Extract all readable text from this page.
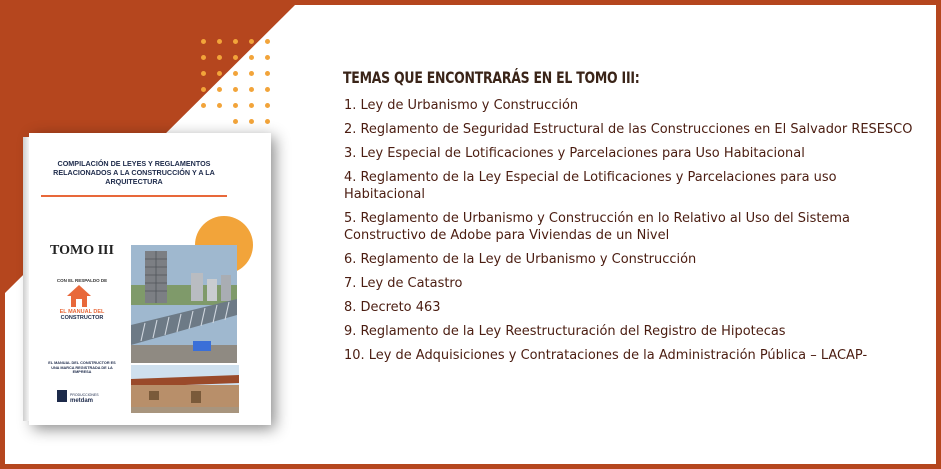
COMPILACIÓN DE LEYES Y REGLAMENTOS RELACIONADOS A LA CONSTRUCCIÓN Y A LA ARQUITECTURA
TOMO III
CON EL RESPALDO DE
EL MANUAL DEL
CONSTRUCTOR
EL MANUAL DEL CONSTRUCTOR ES UNA MARCA REGISTRADA DE LA EMPRESA
PRODUCCIONES
metdam
TEMAS QUE ENCONTRARÁS EN EL TOMO III:
1. Ley de Urbanismo y Construcción
2. Reglamento de Seguridad Estructural de las Construcciones en El Salvador RESESCO
3. Ley Especial de Lotificaciones y Parcelaciones para Uso Habitacional
4. Reglamento de la Ley Especial de Lotificaciones y Parcelaciones para uso Habitacional
5. Reglamento de Urbanismo y Construcción en lo Relativo al Uso del Sistema Constructivo de Adobe para Viviendas de un Nivel
6. Reglamento de la Ley de Urbanismo y Construcción
7. Ley de Catastro
8. Decreto 463
9. Reglamento de la Ley Reestructuración del Registro de Hipotecas
10. Ley de Adquisiciones y Contrataciones de la Administración Pública – LACAP-
